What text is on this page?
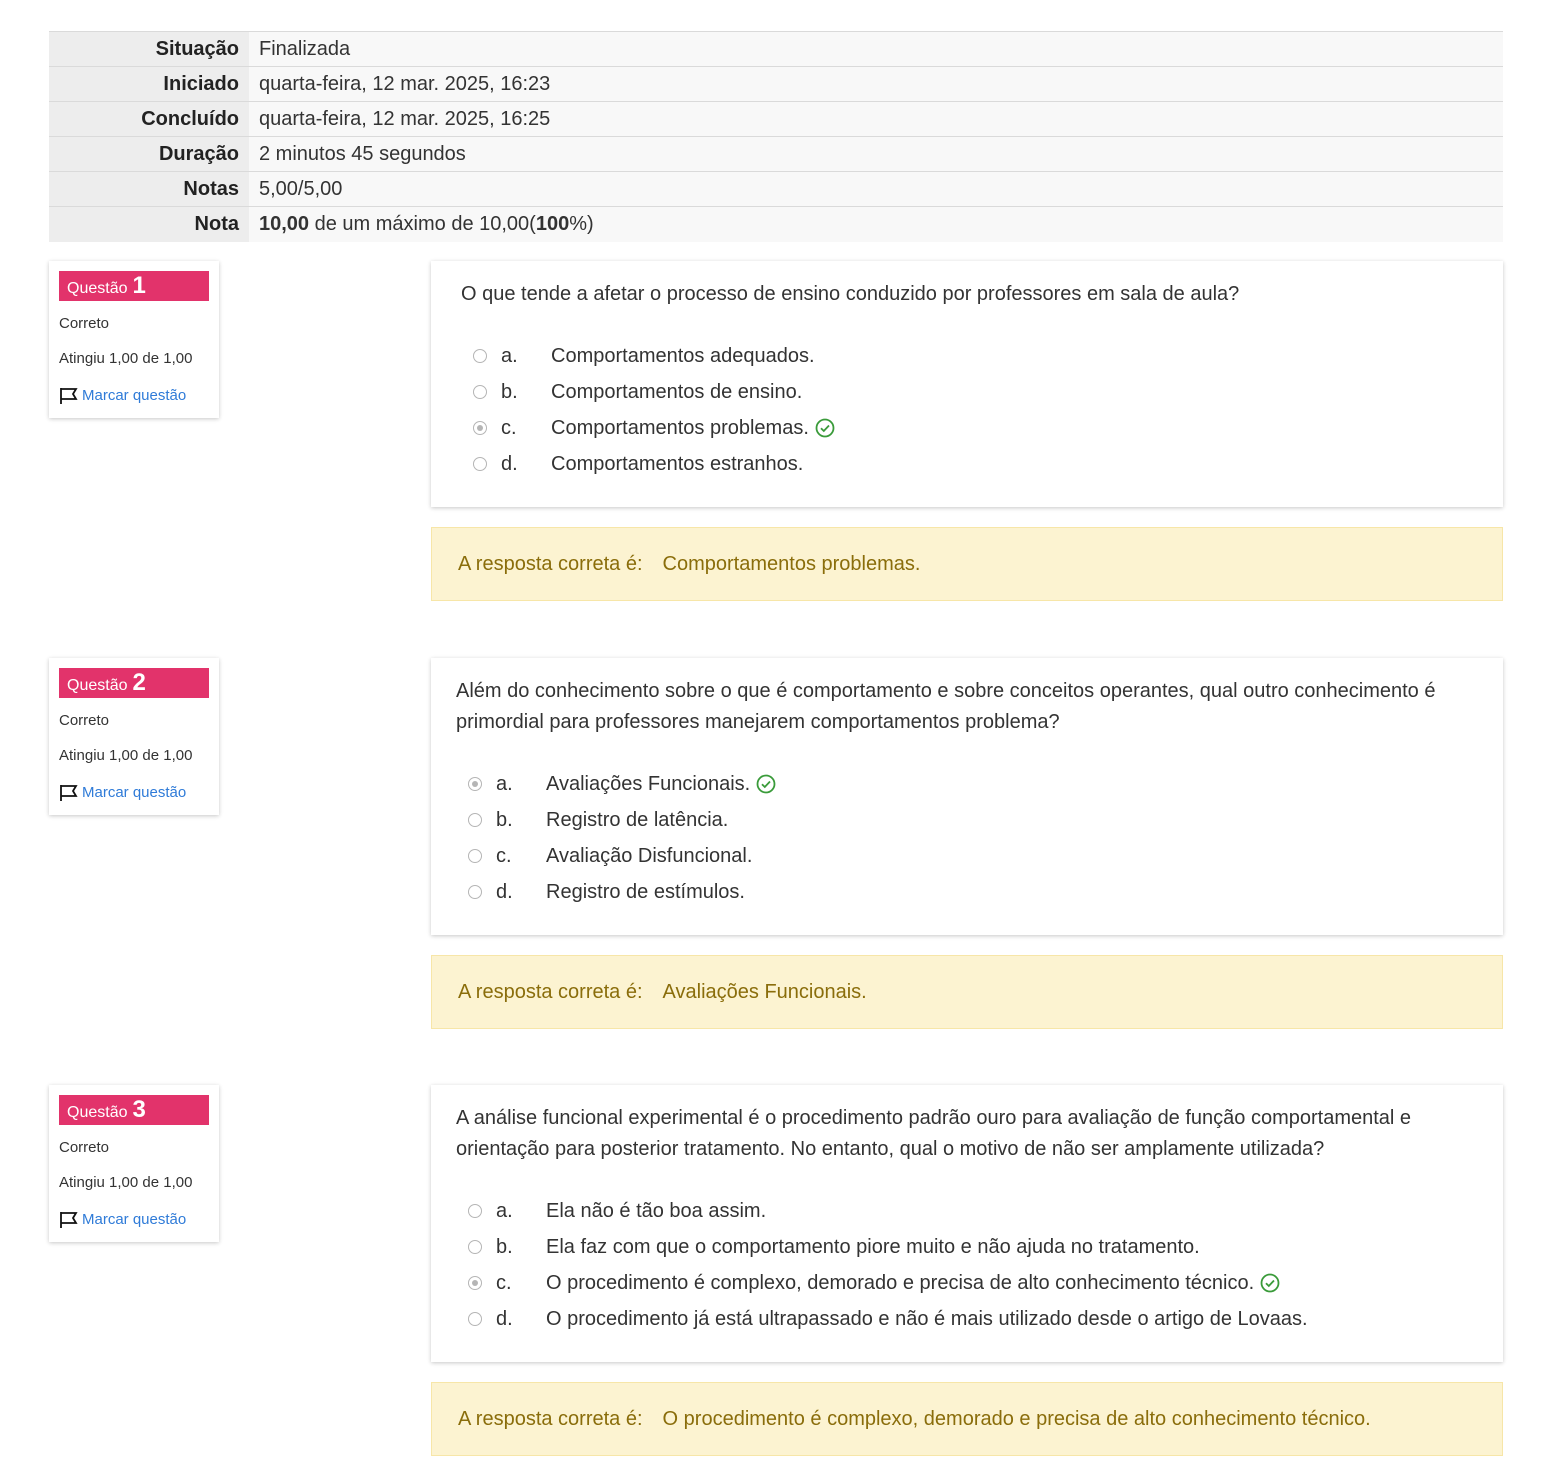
Situação	Finalizada
Iniciado	quarta-feira, 12 mar. 2025, 16:23
Concluído	quarta-feira, 12 mar. 2025, 16:25
Duração	2 minutos 45 segundos
Notas	5,00/5,00
Nota	10,00 de um máximo de 10,00(100%)
Questão 1
Correto
Atingiu 1,00 de 1,00
Marcar questão
O que tende a afetar o processo de ensino conduzido por professores em sala de aula?
a.	Comportamentos adequados.
b.	Comportamentos de ensino.
c.	Comportamentos problemas.
d.	Comportamentos estranhos.
A resposta correta é: Comportamentos problemas.
Questão 2
Correto
Atingiu 1,00 de 1,00
Marcar questão
Além do conhecimento sobre o que é comportamento e sobre conceitos operantes, qual outro conhecimento é primordial para professores manejarem comportamentos problema?
a.	Avaliações Funcionais.
b.	Registro de latência.
c.	Avaliação Disfuncional.
d.	Registro de estímulos.
A resposta correta é: Avaliações Funcionais.
Questão 3
Correto
Atingiu 1,00 de 1,00
Marcar questão
A análise funcional experimental é o procedimento padrão ouro para avaliação de função comportamental e orientação para posterior tratamento. No entanto, qual o motivo de não ser amplamente utilizada?
a.	Ela não é tão boa assim.
b.	Ela faz com que o comportamento piore muito e não ajuda no tratamento.
c.	O procedimento é complexo, demorado e precisa de alto conhecimento técnico.
d.	O procedimento já está ultrapassado e não é mais utilizado desde o artigo de Lovaas.
A resposta correta é: O procedimento é complexo, demorado e precisa de alto conhecimento técnico.
